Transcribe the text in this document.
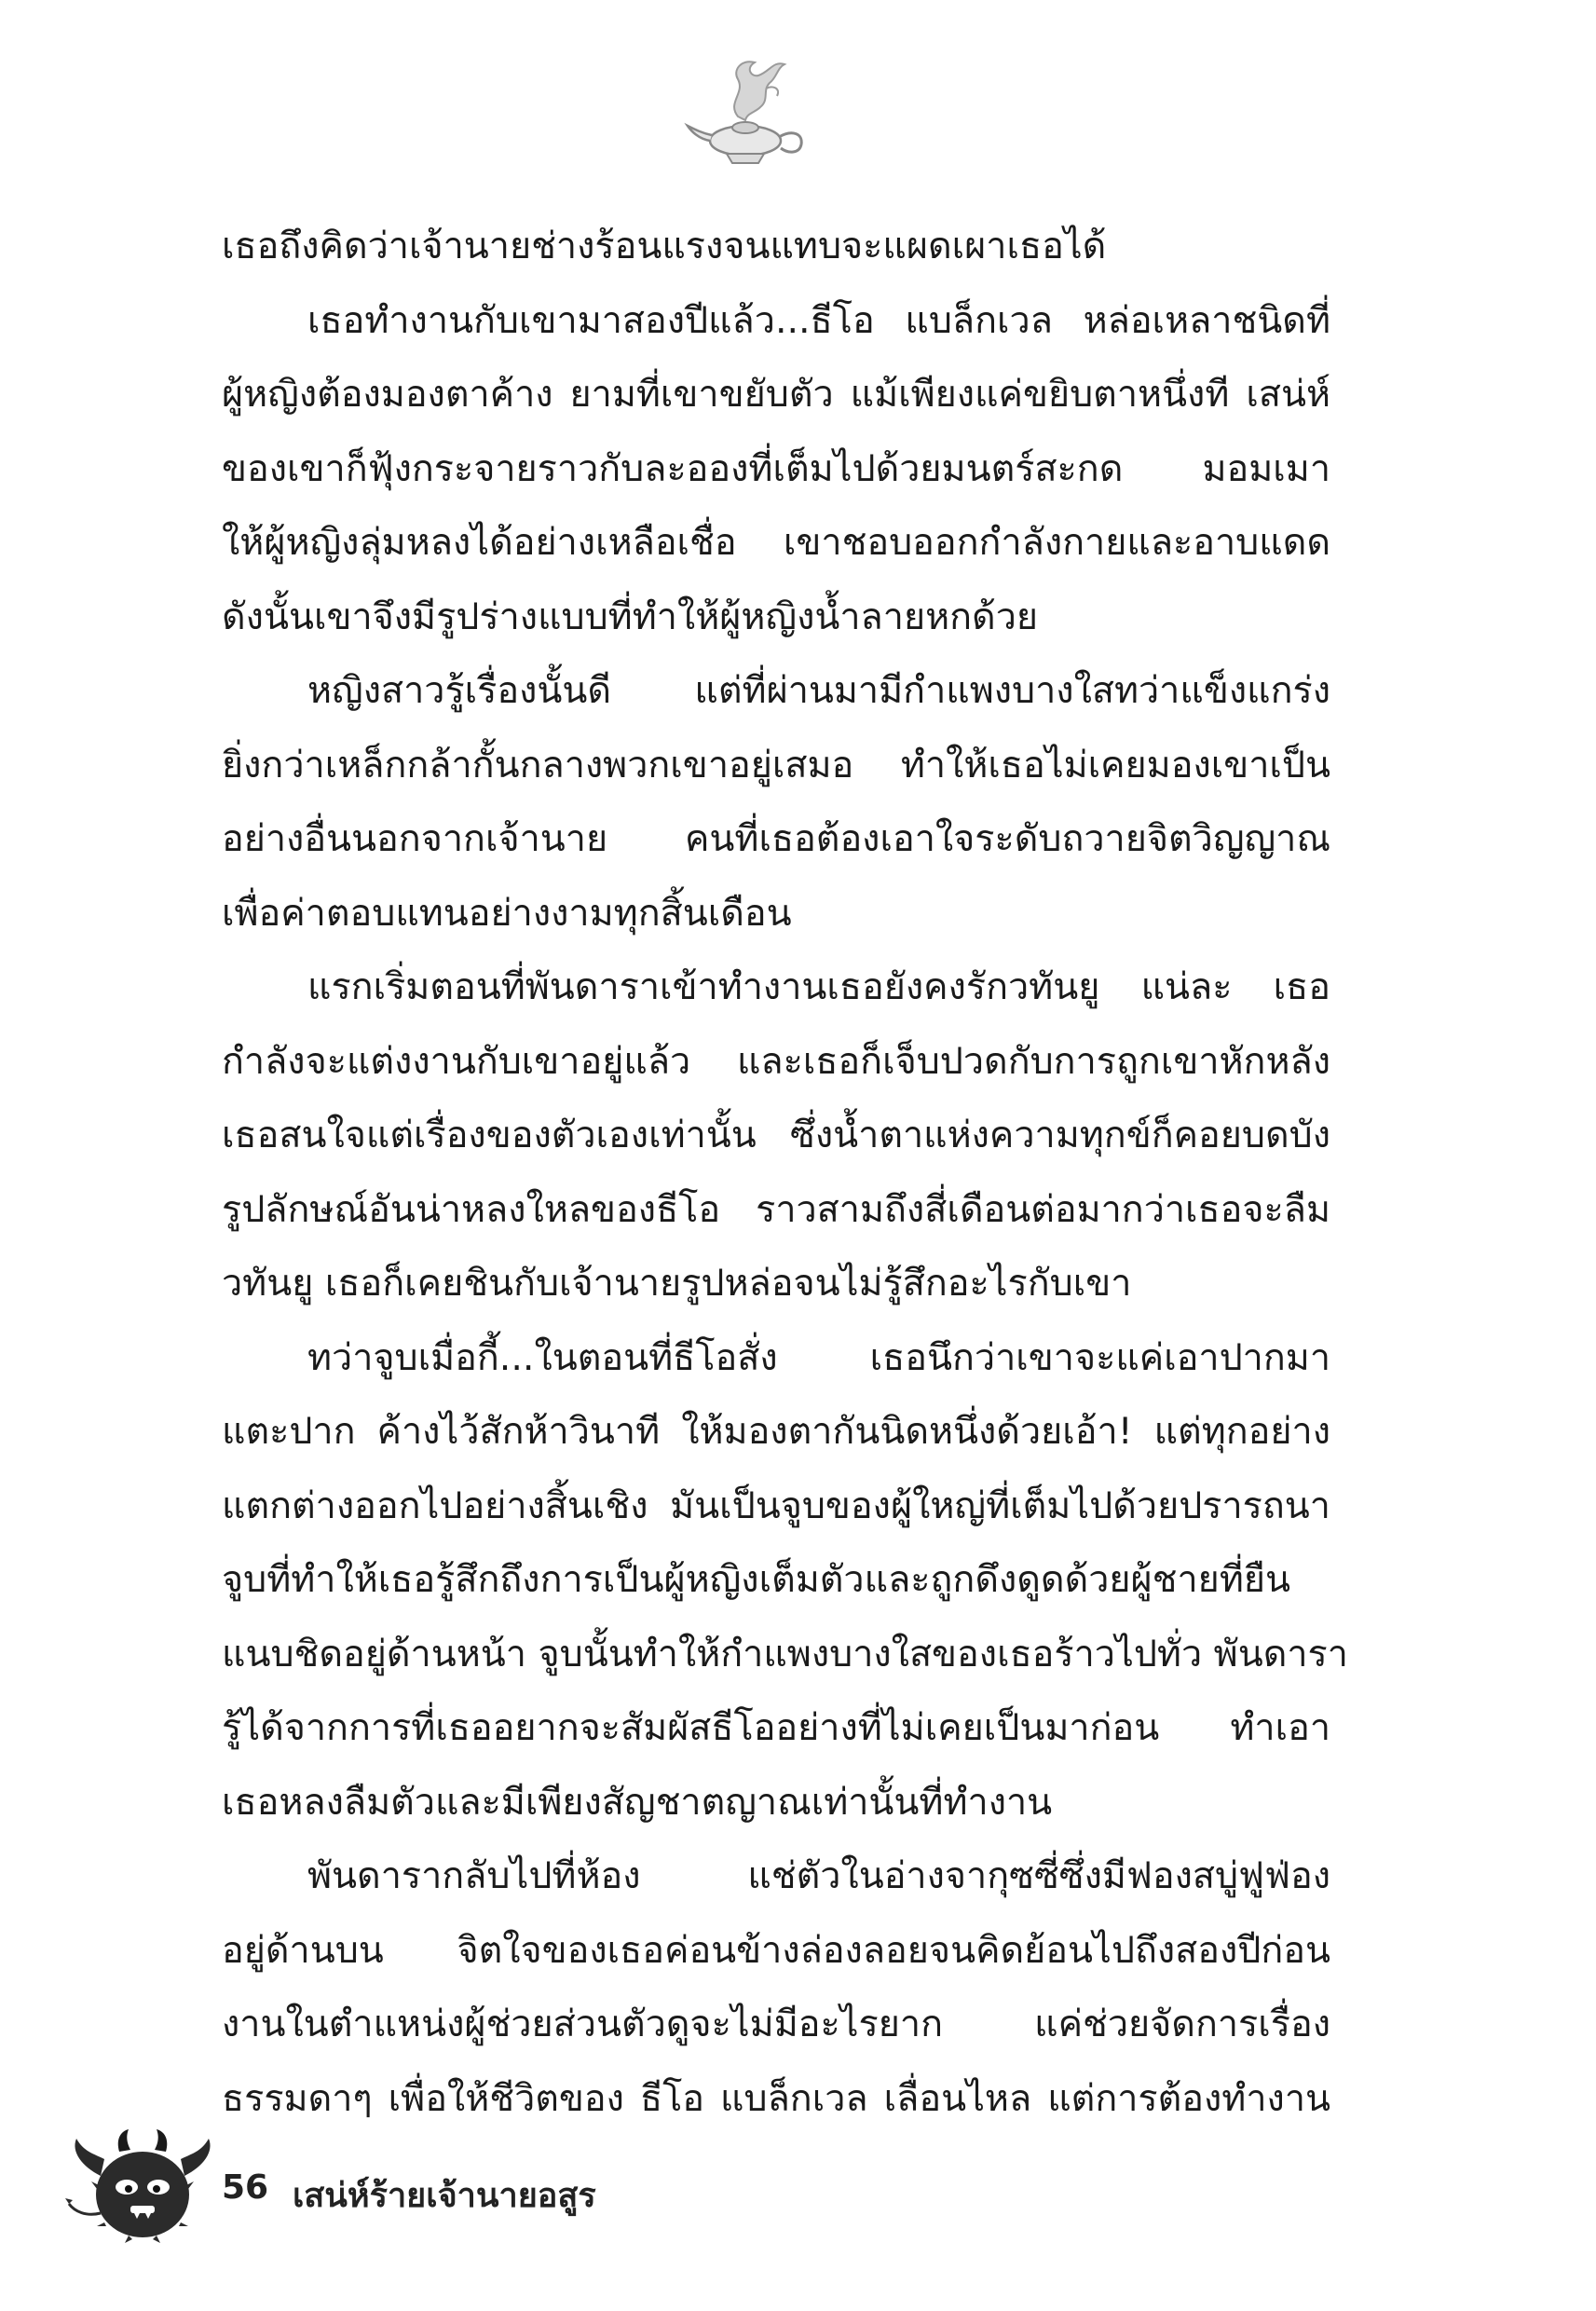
เธอถึงคิดว่าเจ้านายช่างร้อนแรงจนแทบจะแผดเผาเธอได้
เธอทำงานกับเขามาสองปีแล้ว...ธีโอ แบล็กเวล หล่อเหลาชนิดที่
ผู้หญิงต้องมองตาค้าง ยามที่เขาขยับตัว แม้เพียงแค่ขยิบตาหนึ่งที เสน่ห์
ของเขาก็ฟุ้งกระจายราวกับละอองที่เต็มไปด้วยมนตร์สะกด มอมเมา
ให้ผู้หญิงลุ่มหลงได้อย่างเหลือเชื่อ เขาชอบออกกำลังกายและอาบแดด
ดังนั้นเขาจึงมีรูปร่างแบบที่ทำให้ผู้หญิงน้ำลายหกด้วย
หญิงสาวรู้เรื่องนั้นดี แต่ที่ผ่านมามีกำแพงบางใสทว่าแข็งแกร่ง
ยิ่งกว่าเหล็กกล้ากั้นกลางพวกเขาอยู่เสมอ ทำให้เธอไม่เคยมองเขาเป็น
อย่างอื่นนอกจากเจ้านาย คนที่เธอต้องเอาใจระดับถวายจิตวิญญาณ
เพื่อค่าตอบแทนอย่างงามทุกสิ้นเดือน
แรกเริ่มตอนที่พันดาราเข้าทำงานเธอยังคงรักวทันยู แน่ละ เธอ
กำลังจะแต่งงานกับเขาอยู่แล้ว และเธอก็เจ็บปวดกับการถูกเขาหักหลัง
เธอสนใจแต่เรื่องของตัวเองเท่านั้น ซึ่งน้ำตาแห่งความทุกข์ก็คอยบดบัง
รูปลักษณ์อันน่าหลงใหลของธีโอ ราวสามถึงสี่เดือนต่อมากว่าเธอจะลืม
วทันยู เธอก็เคยชินกับเจ้านายรูปหล่อจนไม่รู้สึกอะไรกับเขา
ทว่าจูบเมื่อกี้...ในตอนที่ธีโอสั่ง เธอนึกว่าเขาจะแค่เอาปากมา
แตะปาก ค้างไว้สักห้าวินาที ให้มองตากันนิดหนึ่งด้วยเอ้า! แต่ทุกอย่าง
แตกต่างออกไปอย่างสิ้นเชิง มันเป็นจูบของผู้ใหญ่ที่เต็มไปด้วยปรารถนา
จูบที่ทำให้เธอรู้สึกถึงการเป็นผู้หญิงเต็มตัวและถูกดึงดูดด้วยผู้ชายที่ยืน
แนบชิดอยู่ด้านหน้า จูบนั้นทำให้กำแพงบางใสของเธอร้าวไปทั่ว พันดารา
รู้ได้จากการที่เธออยากจะสัมผัสธีโออย่างที่ไม่เคยเป็นมาก่อน ทำเอา
เธอหลงลืมตัวและมีเพียงสัญชาตญาณเท่านั้นที่ทำงาน
พันดารากลับไปที่ห้อง แช่ตัวในอ่างจากุซซี่ซึ่งมีฟองสบู่ฟูฟ่อง
อยู่ด้านบน จิตใจของเธอค่อนข้างล่องลอยจนคิดย้อนไปถึงสองปีก่อน
งานในตำแหน่งผู้ช่วยส่วนตัวดูจะไม่มีอะไรยาก แค่ช่วยจัดการเรื่อง
ธรรมดาๆ เพื่อให้ชีวิตของ ธีโอ แบล็กเวล เลื่อนไหล แต่การต้องทำงาน
56 เสน่ห์ร้ายเจ้านายอสูร
